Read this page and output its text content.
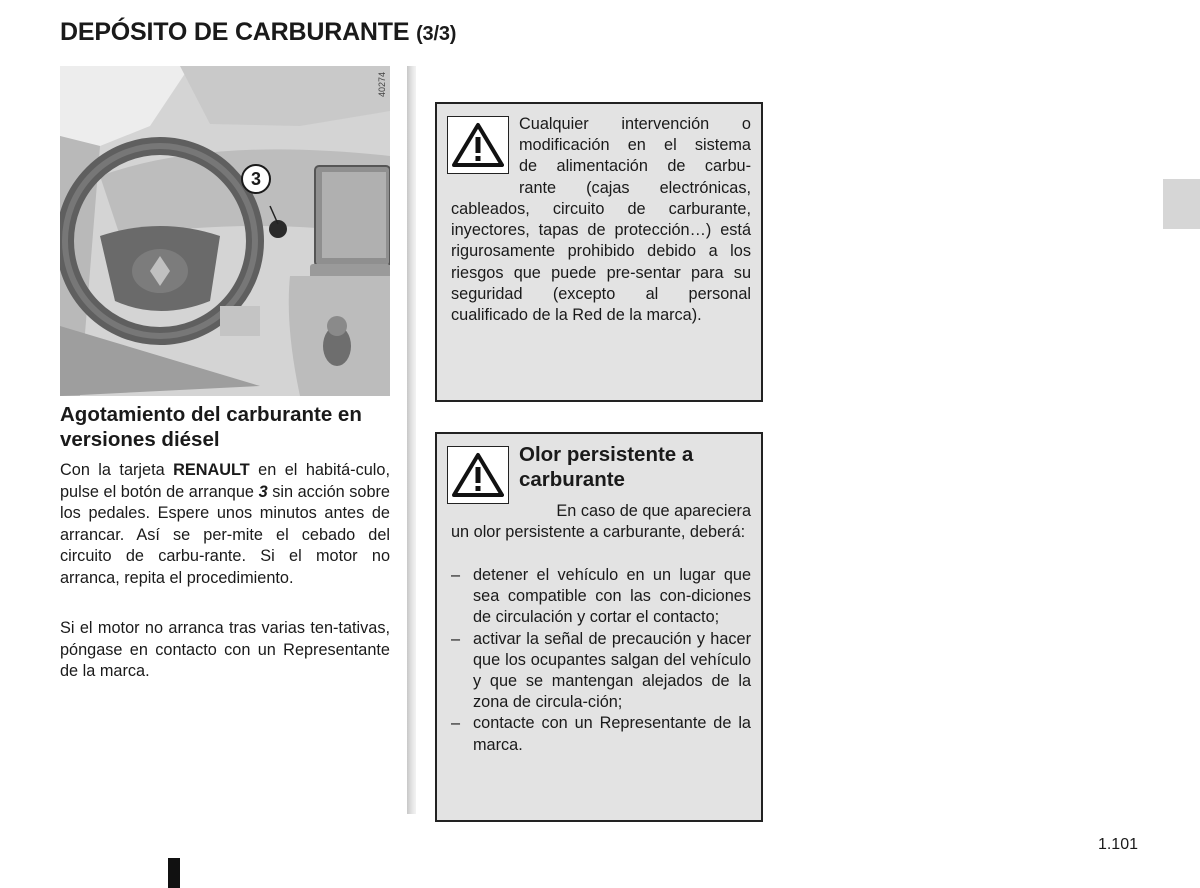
DEPÓSITO DE CARBURANTE (3/3)
40274
3
Agotamiento del carburante en versiones diésel

Con la tarjeta RENAULT en el habitá-culo, pulse el botón de arranque 3 sin acción sobre los pedales. Espere unos minutos antes de arrancar. Así se per-mite el cebado del circuito de carbu-rante. Si el motor no arranca, repita el procedimiento.

Si el motor no arranca tras varias ten-tativas, póngase en contacto con un Representante de la marca.

Cualquier intervención o
modificación en el sistema
de alimentación de carbu-
rante (cajas electrónicas,

cableados, circuito de carburante, inyectores, tapas de protección…) está rigurosamente prohibido debido a los riesgos que puede pre-sentar para su seguridad (excepto al personal cualificado de la Red de la marca).

Olor persistente a carburante

En caso de que apareciera

un olor persistente a carburante, deberá:

– detener el vehículo en un lugar que sea compatible con las con-diciones de circulación y cortar el contacto;
– activar la señal de precaución y hacer que los ocupantes salgan del vehículo y que se mantengan alejados de la zona de circula-ción;
– contacte con un Representante de la marca.
1.101
